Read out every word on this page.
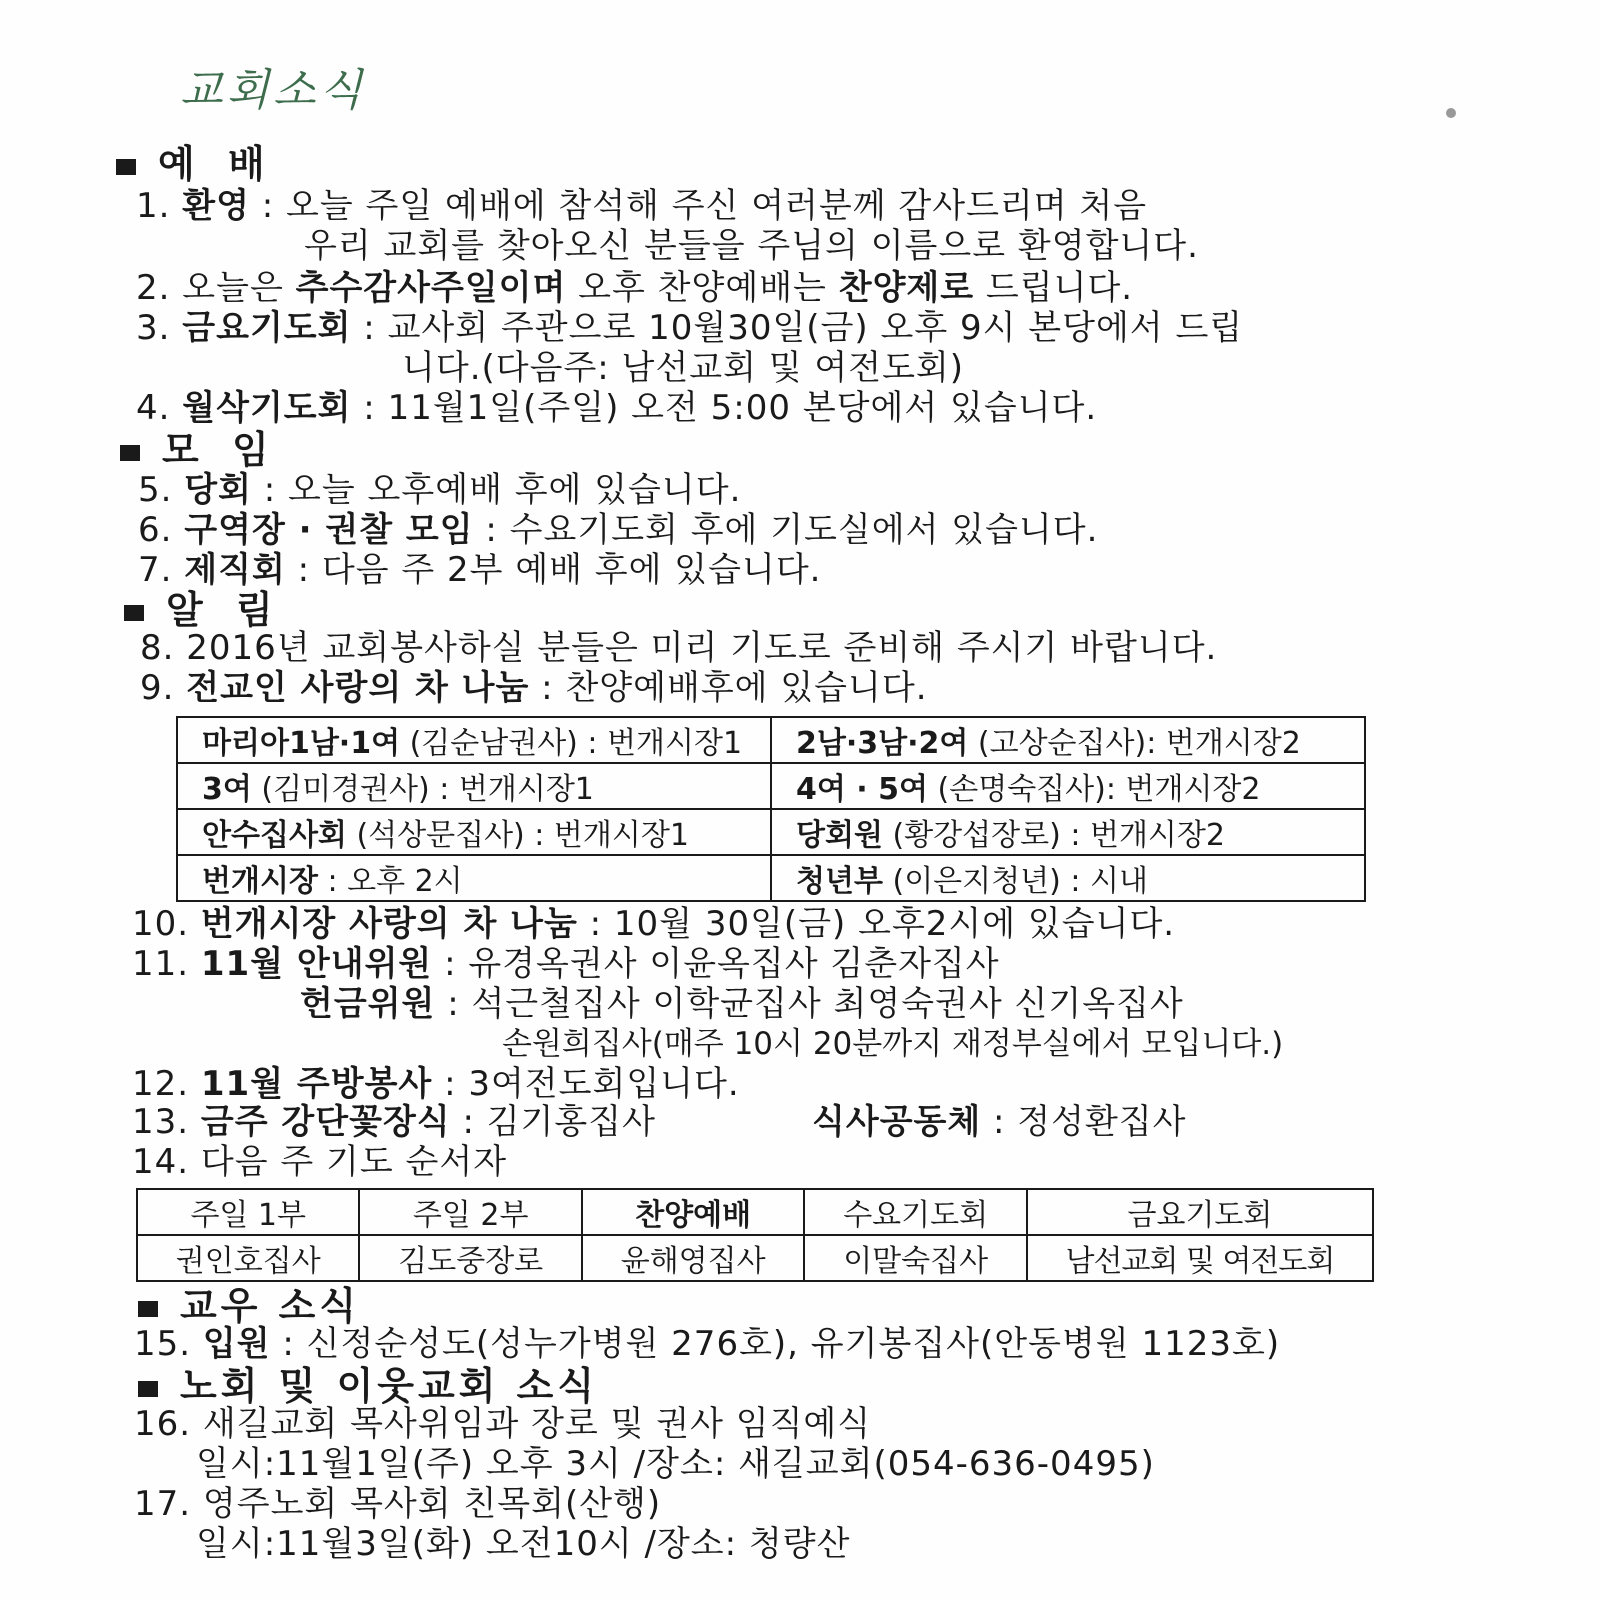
교회소식
예 배
1. 환영 : 오늘 주일 예배에 참석해 주신 여러분께 감사드리며 처음
우리 교회를 찾아오신 분들을 주님의 이름으로 환영합니다.
2. 오늘은 추수감사주일이며 오후 찬양예배는 찬양제로 드립니다.
3. 금요기도회 : 교사회 주관으로 10월30일(금) 오후 9시 본당에서 드립
니다.(다음주: 남선교회 및 여전도회)
4. 월삭기도회 : 11월1일(주일) 오전 5:00 본당에서 있습니다.
모 임
5. 당회 : 오늘 오후예배 후에 있습니다.
6. 구역장 · 권찰 모임 : 수요기도회 후에 기도실에서 있습니다.
7. 제직회 : 다음 주 2부 예배 후에 있습니다.
알 림
8. 2016년 교회봉사하실 분들은 미리 기도로 준비해 주시기 바랍니다.
9. 전교인 사랑의 차 나눔 : 찬양예배후에 있습니다.
마리아1남·1여 (김순남권사) : 번개시장1	2남·3남·2여 (고상순집사): 번개시장2
3여 (김미경권사) : 번개시장1	4여 · 5여 (손명숙집사): 번개시장2
안수집사회 (석상문집사) : 번개시장1	당회원 (황강섭장로) : 번개시장2
번개시장 : 오후 2시	청년부 (이은지청년) : 시내
10. 번개시장 사랑의 차 나눔 : 10월 30일(금) 오후2시에 있습니다.
11. 11월 안내위원 : 유경옥권사 이윤옥집사 김춘자집사
헌금위원 : 석근철집사 이학균집사 최영숙권사 신기옥집사
손원희집사(매주 10시 20분까지 재정부실에서 모입니다.)
12. 11월 주방봉사 : 3여전도회입니다.
13. 금주 강단꽃장식 : 김기홍집사	식사공동체 : 정성환집사
14. 다음 주 기도 순서자
주일 1부	주일 2부	찬양예배	수요기도회	금요기도회
권인호집사	김도중장로	윤해영집사	이말숙집사	남선교회 및 여전도회
교우 소식
15. 입원 : 신정순성도(성누가병원 276호), 유기봉집사(안동병원 1123호)
노회 및 이웃교회 소식
16. 새길교회 목사위임과 장로 및 권사 임직예식
일시:11월1일(주) 오후 3시 /장소: 새길교회(054-636-0495)
17. 영주노회 목사회 친목회(산행)
일시:11월3일(화) 오전10시 /장소: 청량산
